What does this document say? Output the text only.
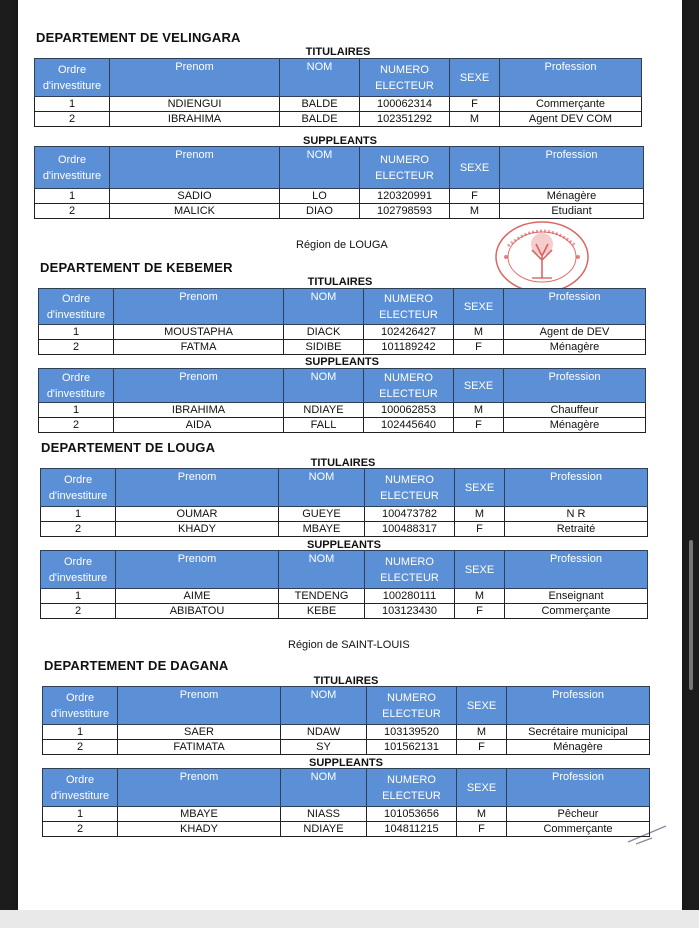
DEPARTEMENT DE VELINGARA
TITULAIRES
Ordre d'investiture	Prenom	NOM	NUMERO ELECTEUR	SEXE	Profession
1	NDIENGUI	BALDE	100062314	F	Commerçante
2	IBRAHIMA	BALDE	102351292	M	Agent DEV COM
SUPPLEANTS
Ordre d'investiture	Prenom	NOM	NUMERO ELECTEUR	SEXE	Profession
1	SADIO	LO	120320991	F	Ménagère
2	MALICK	DIAO	102798593	M	Etudiant
Région de LOUGA
DEPARTEMENT DE KEBEMER
TITULAIRES
Ordre d'investiture	Prenom	NOM	NUMERO ELECTEUR	SEXE	Profession
1	MOUSTAPHA	DIACK	102426427	M	Agent de DEV
2	FATMA	SIDIBE	101189242	F	Ménagère
SUPPLEANTS
Ordre d'investiture	Prenom	NOM	NUMERO ELECTEUR	SEXE	Profession
1	IBRAHIMA	NDIAYE	100062853	M	Chauffeur
2	AIDA	FALL	102445640	F	Ménagère
DEPARTEMENT DE LOUGA
TITULAIRES
Ordre d'investiture	Prenom	NOM	NUMERO ELECTEUR	SEXE	Profession
1	OUMAR	GUEYE	100473782	M	N R
2	KHADY	MBAYE	100488317	F	Retraité
SUPPLEANTS
Ordre d'investiture	Prenom	NOM	NUMERO ELECTEUR	SEXE	Profession
1	AIME	TENDENG	100280111	M	Enseignant
2	ABIBATOU	KEBE	103123430	F	Commerçante
Région de SAINT-LOUIS
DEPARTEMENT DE DAGANA
TITULAIRES
Ordre d'investiture	Prenom	NOM	NUMERO ELECTEUR	SEXE	Profession
1	SAER	NDAW	103139520	M	Secrétaire municipal
2	FATIMATA	SY	101562131	F	Ménagère
SUPPLEANTS
Ordre d'investiture	Prenom	NOM	NUMERO ELECTEUR	SEXE	Profession
1	MBAYE	NIASS	101053656	M	Pêcheur
2	KHADY	NDIAYE	104811215	F	Commerçante
